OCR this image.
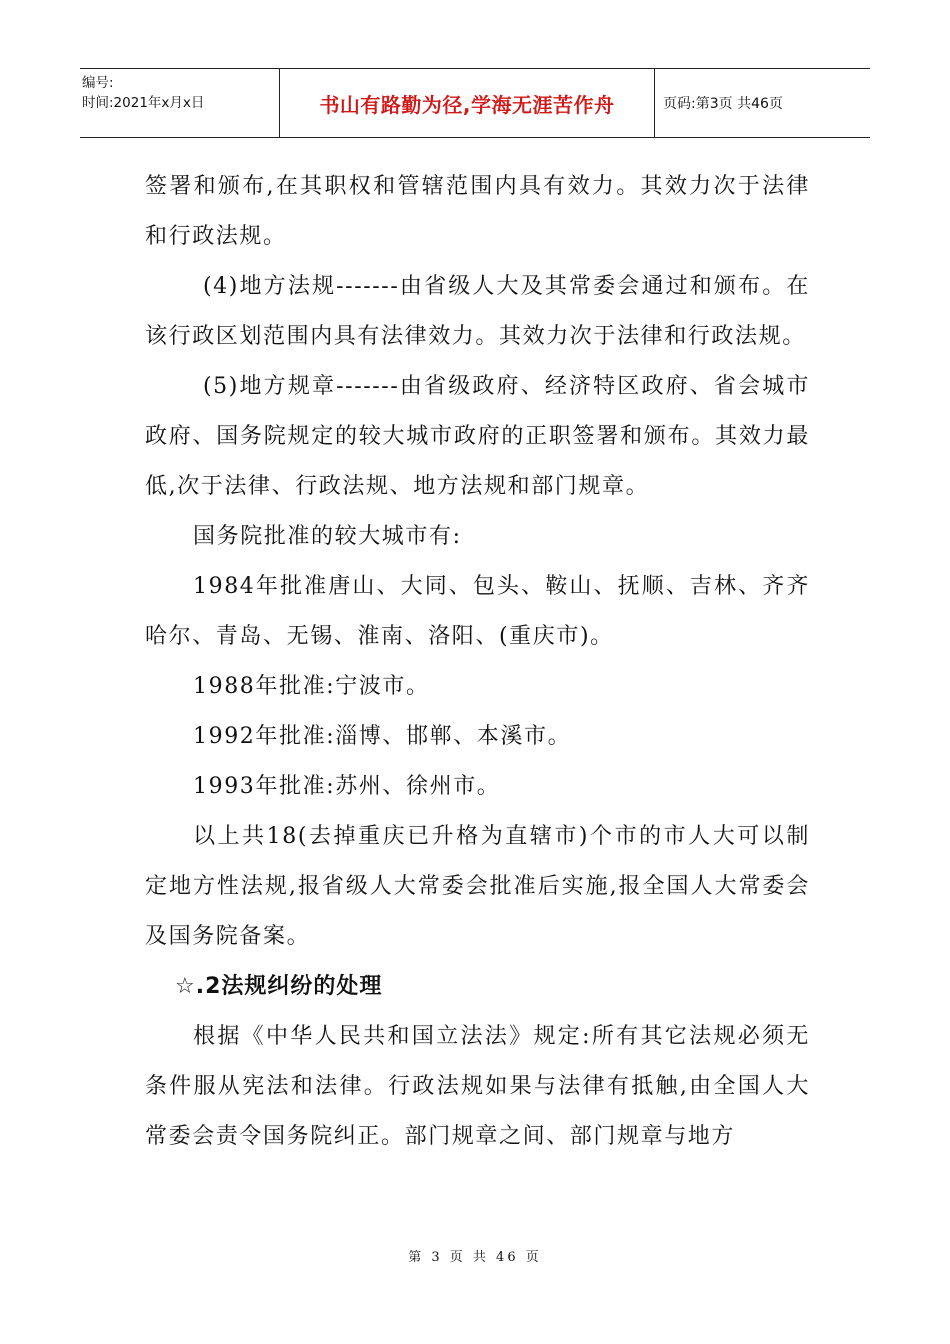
编号:
时间:2021年x月x日	书山有路勤为径,学海无涯苦作舟	页码:第3页 共46页

签署和颁布,在其职权和管辖范围内具有效力。其效力次于法律和行政法规。

(4)地方法规-------由省级人大及其常委会通过和颁布。在该行政区划范围内具有法律效力。其效力次于法律和行政法规。

(5)地方规章-------由省级政府、经济特区政府、省会城市政府、国务院规定的较大城市政府的正职签署和颁布。其效力最低,次于法律、行政法规、地方法规和部门规章。

国务院批准的较大城市有:

1984年批准唐山、大同、包头、鞍山、抚顺、吉林、齐齐哈尔、青岛、无锡、淮南、洛阳、(重庆市)。

1988年批准:宁波市。

1992年批准:淄博、邯郸、本溪市。

1993年批准:苏州、徐州市。

以上共18(去掉重庆已升格为直辖市)个市的市人大可以制定地方性法规,报省级人大常委会批准后实施,报全国人大常委会及国务院备案。

☆.2法规纠纷的处理

根据《中华人民共和国立法法》规定:所有其它法规必须无条件服从宪法和法律。行政法规如果与法律有抵触,由全国人大常委会责令国务院纠正。部门规章之间、部门规章与地方

第 3 页 共 46 页
